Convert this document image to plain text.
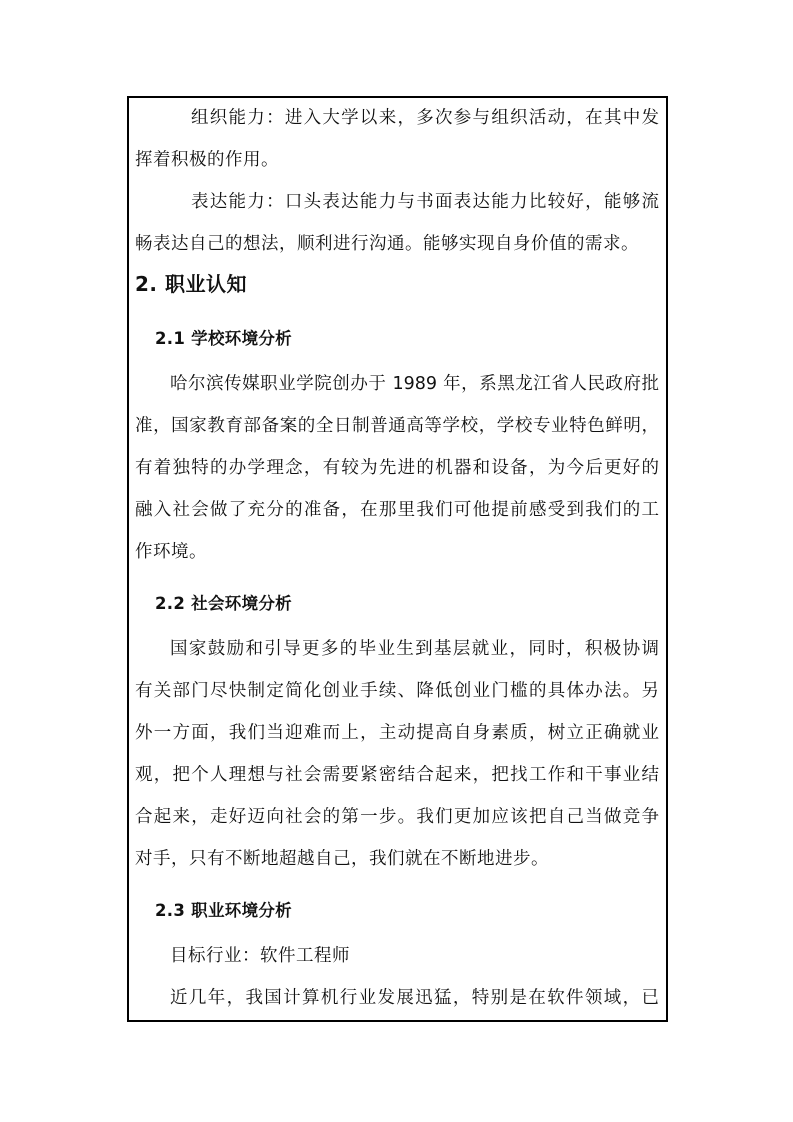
组织能力：进入大学以来，多次参与组织活动，在其中发
挥着积极的作用。
表达能力：口头表达能力与书面表达能力比较好，能够流
畅表达自己的想法，顺利进行沟通。能够实现自身价值的需求。
2. 职业认知
2.1 学校环境分析
哈尔滨传媒职业学院创办于 1989 年，系黑龙江省人民政府批
准，国家教育部备案的全日制普通高等学校，学校专业特色鲜明，
有着独特的办学理念，有较为先进的机器和设备，为今后更好的
融入社会做了充分的准备，在那里我们可他提前感受到我们的工
作环境。
2.2 社会环境分析
国家鼓励和引导更多的毕业生到基层就业，同时，积极协调
有关部门尽快制定简化创业手续、降低创业门槛的具体办法。另
外一方面，我们当迎难而上，主动提高自身素质，树立正确就业
观，把个人理想与社会需要紧密结合起来，把找工作和干事业结
合起来，走好迈向社会的第一步。我们更加应该把自己当做竞争
对手，只有不断地超越自己，我们就在不断地进步。
2.3 职业环境分析
目标行业：软件工程师
近几年，我国计算机行业发展迅猛，特别是在软件领域，已
